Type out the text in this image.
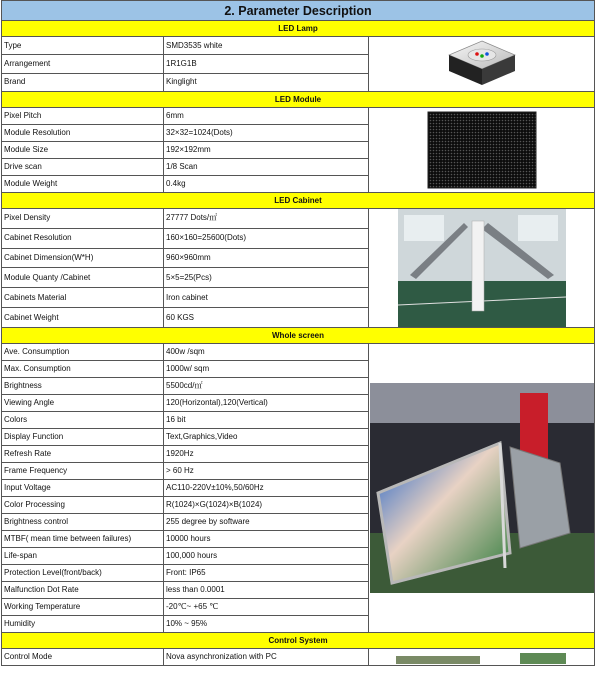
2. Parameter Description		
LED Lamp		
Type	SMD3535 white	

Arrangement	1R1G1B	
Brand	Kinglight	
LED Module		
Pixel Pitch	6mm	

Module Resolution	32×32=1024(Dots)	
Module Size	192×192mm	
Drive scan	1/8 Scan	
Module Weight	0.4kg	
LED Cabinet		
Pixel Density	27777 Dots/㎡	

Cabinet Resolution	160×160=25600(Dots)	
Cabinet Dimension(W*H)	960×960mm	
Module Quanty /Cabinet	5×5=25(Pcs)	
Cabinets Material	Iron cabinet	
Cabinet Weight	60 KGS	
Whole screen		
Ave. Consumption	400w /sqm	

Max. Consumption	1000w/ sqm	
Brightness	5500cd/㎡	
Viewing Angle	120(Horizontal),120(Vertical)	
Colors	16 bit	
Display Function	Text,Graphics,Video	
Refresh Rate	1920Hz	
Frame Frequency	> 60 Hz	
Input Voltage	AC110-220V±10%,50/60Hz	
Color Processing	R(1024)×G(1024)×B(1024)	
Brightness control	255 degree by software	
MTBF( mean time between failures)	10000 hours	
Life-span	100,000 hours	
Protection Level(front/back)	Front: IP65	
Malfunction Dot Rate	less than 0.0001	
Working Temperature	-20℃~ +65 ℃	
Humidity	10% ~ 95%	
Control System		
Control Mode	Nova asynchronization with PC	
